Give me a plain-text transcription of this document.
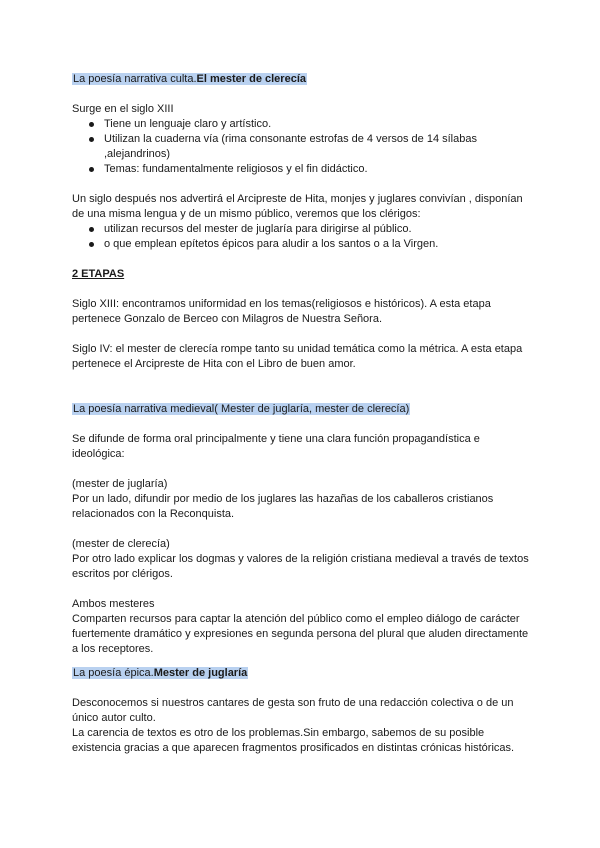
La poesía narrativa culta.El mester de clerecía

Surge en el siglo XIII

Tiene un lenguaje claro y artístico.
Utilizan la cuaderna vía (rima consonante estrofas de 4 versos de 14 sílabas ,alejandrinos)
Temas: fundamentalmente religiosos y el fin didáctico.

Un siglo después nos advertirá el Arcipreste de Hita, monjes y juglares convivían , disponían de una misma lengua y de un mismo público, veremos que los clérigos:

utilizan recursos del mester de juglaría para dirigirse al público.
o que emplean epítetos épicos para aludir a los santos o a la Virgen.

2 ETAPAS

Siglo XIII: encontramos uniformidad en los temas(religiosos e históricos). A esta etapa pertenece Gonzalo de Berceo con Milagros de Nuestra Señora.

Siglo IV: el mester de clerecía rompe tanto su unidad temática como la métrica. A esta etapa pertenece el Arcipreste de Hita con el Libro de buen amor.

La poesía narrativa medieval( Mester de juglaría, mester de clerecía)

Se difunde de forma oral principalmente y tiene una clara función propagandística e ideológica:

(mester de juglaría)

Por un lado, difundir por medio de los juglares las hazañas de los caballeros cristianos relacionados con la Reconquista.

(mester de clerecía)

Por otro lado explicar los dogmas y valores de la religión cristiana medieval a través de textos escritos por clérigos.

Ambos mesteres

Comparten recursos para captar la atención del público como el empleo diálogo de carácter fuertemente dramático y expresiones en segunda persona del plural que aluden directamente a los receptores.

La poesía épica.Mester de juglaría

Desconocemos si nuestros cantares de gesta son fruto de una redacción colectiva o de un único autor culto.

La carencia de textos es otro de los problemas.Sin embargo, sabemos de su posible existencia gracias a que aparecen fragmentos prosificados en distintas crónicas históricas.
